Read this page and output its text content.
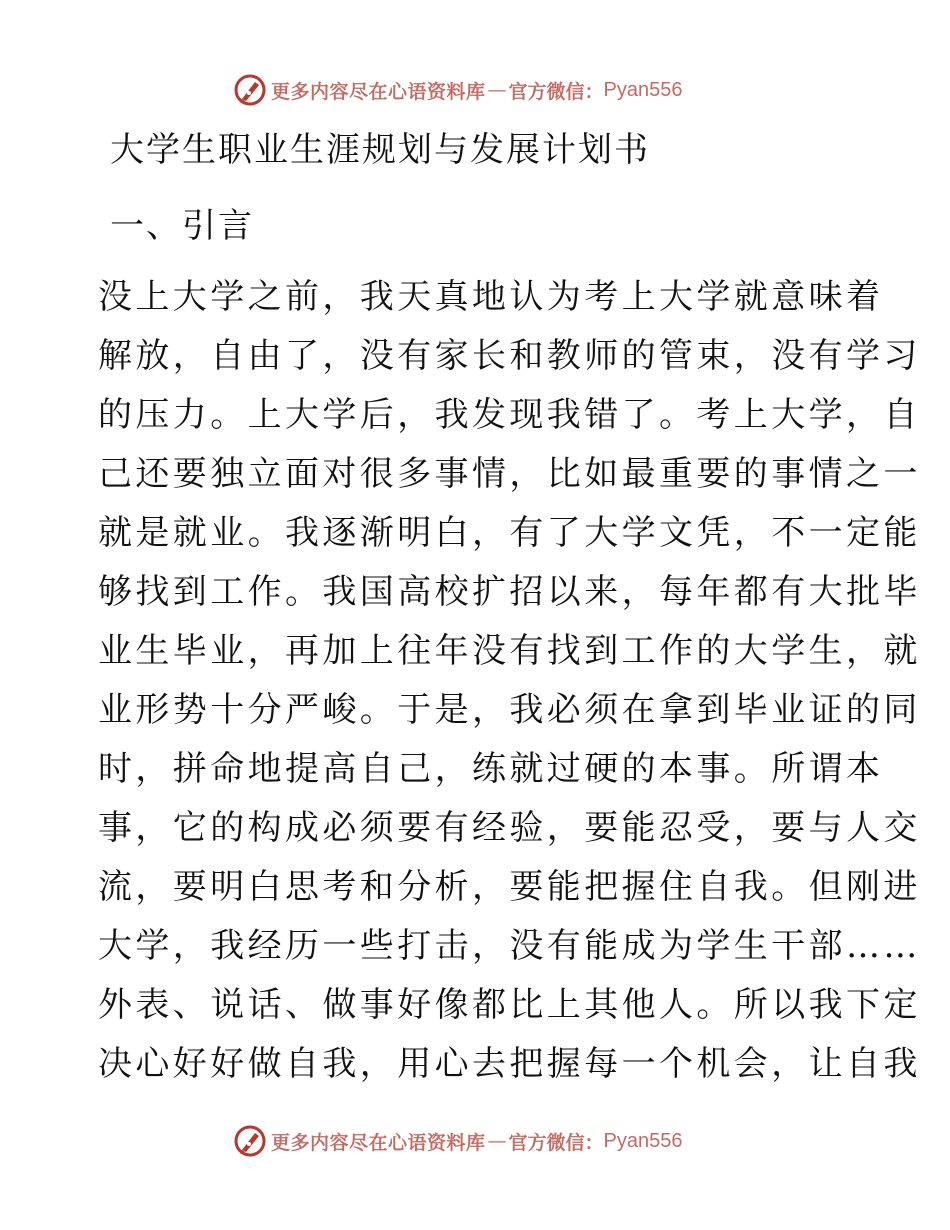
更多内容尽在心语资料库 — 官方微信： Pyan556
大学生职业生涯规划与发展计划书
一、引言
没上大学之前，我天真地认为考上大学就意味着
解放，自由了，没有家长和教师的管束，没有学习
的压力。上大学后，我发现我错了。考上大学，自
己还要独立面对很多事情，比如最重要的事情之一
就是就业。我逐渐明白，有了大学文凭，不一定能
够找到工作。我国高校扩招以来，每年都有大批毕
业生毕业，再加上往年没有找到工作的大学生，就
业形势十分严峻。于是，我必须在拿到毕业证的同
时，拼命地提高自己，练就过硬的本事。所谓本
事，它的构成必须要有经验，要能忍受，要与人交
流，要明白思考和分析，要能把握住自我。但刚进
大学，我经历一些打击，没有能成为学生干部……
外表、说话、做事好像都比上其他人。所以我下定
决心好好做自我，用心去把握每一个机会，让自我
更多内容尽在心语资料库 — 官方微信： Pyan556
